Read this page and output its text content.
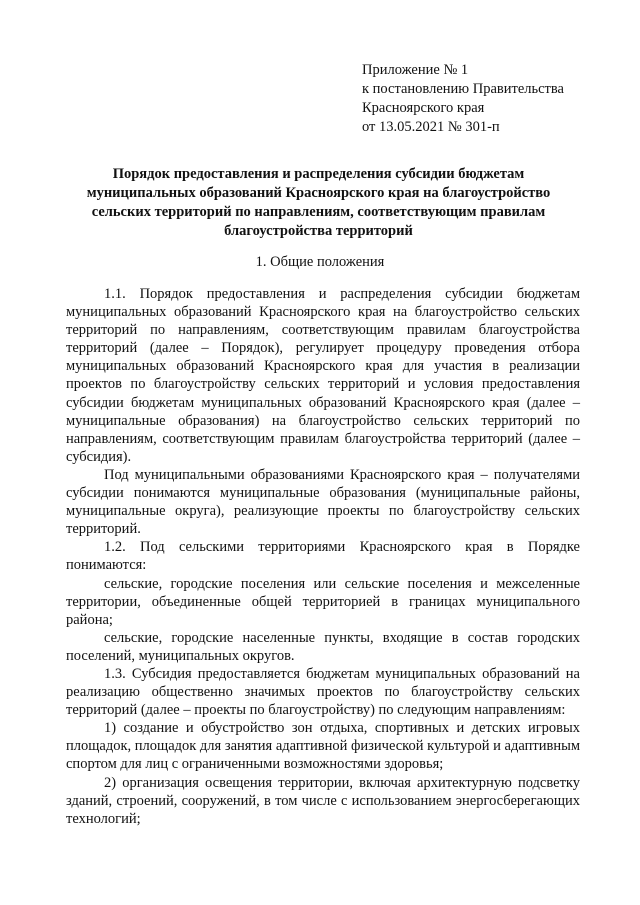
Приложение № 1
к постановлению Правительства
Красноярского края
от 13.05.2021 № 301-п
Порядок предоставления и распределения субсидии бюджетам муниципальных образований Красноярского края на благоустройство сельских территорий по направлениям, соответствующим правилам благоустройства территорий
1. Общие положения

1.1. Порядок предоставления и распределения субсидии бюджетам муниципальных образований Красноярского края на благоустройство сельских территорий по направлениям, соответствующим правилам благоустройства территорий (далее – Порядок), регулирует процедуру проведения отбора муниципальных образований Красноярского края для участия в реализации проектов по благоустройству сельских территорий и условия предоставления субсидии бюджетам муниципальных образований Красноярского края (далее – муниципальные образования) на благоустройство сельских территорий по направлениям, соответствующим правилам благоустройства территорий (далее – субсидия).

Под муниципальными образованиями Красноярского края – получателями субсидии понимаются муниципальные образования (муниципальные районы, муниципальные округа), реализующие проекты по благоустройству сельских территорий.

1.2. Под сельскими территориями Красноярского края в Порядке понимаются:

сельские, городские поселения или сельские поселения и межселенные территории, объединенные общей территорией в границах муниципального района;

сельские, городские населенные пункты, входящие в состав городских поселений, муниципальных округов.

1.3. Субсидия предоставляется бюджетам муниципальных образований на реализацию общественно значимых проектов по благоустройству сельских территорий (далее – проекты по благоустройству) по следующим направлениям:

1) создание и обустройство зон отдыха, спортивных и детских игровых площадок, площадок для занятия адаптивной физической культурой и адаптивным спортом для лиц с ограниченными возможностями здоровья;

2) организация освещения территории, включая архитектурную подсветку зданий, строений, сооружений, в том числе с использованием энергосберегающих технологий;
